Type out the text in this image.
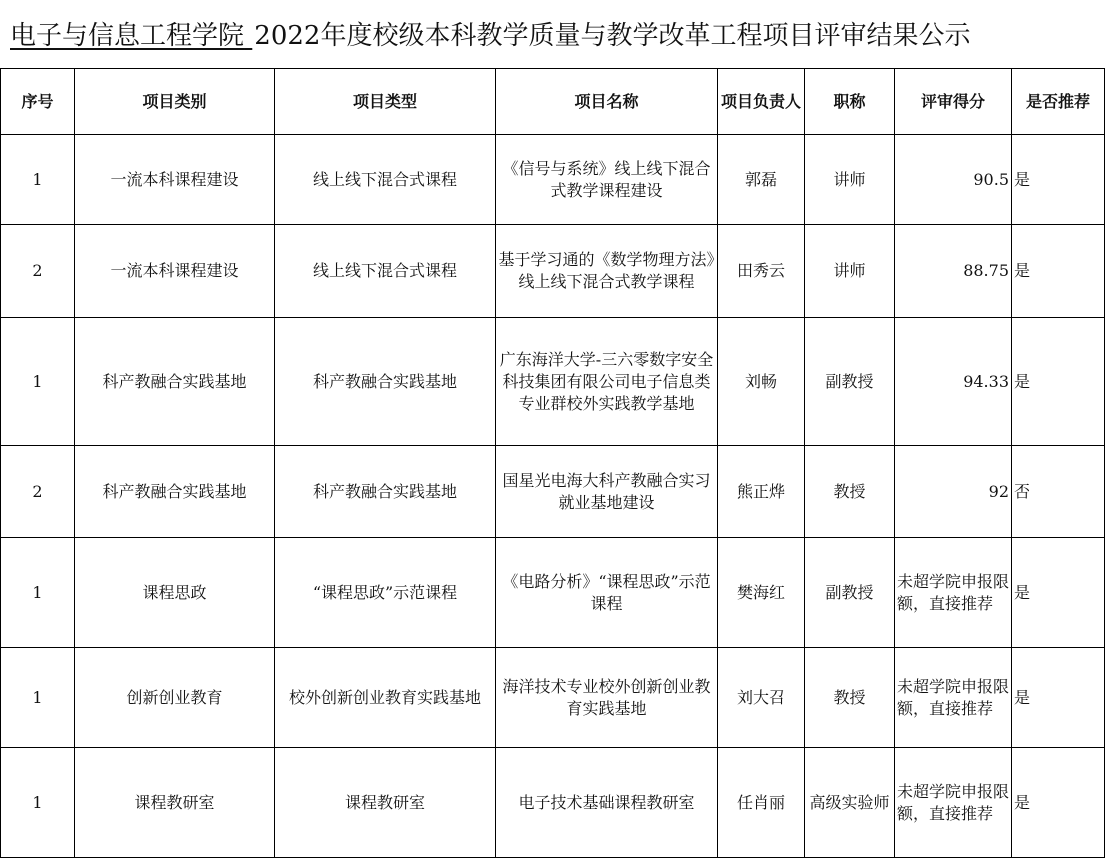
电子与信息工程学院 2022年度校级本科教学质量与教学改革工程项目评审结果公示
序号	项目类别	项目类型	项目名称	项目负责人	职称	评审得分	是否推荐
1	一流本科课程建设	线上线下混合式课程	《信号与系统》线上线下混合式教学课程建设	郭磊	讲师	90.5	是
2	一流本科课程建设	线上线下混合式课程	基于学习通的《数学物理方法》线上线下混合式教学课程	田秀云	讲师	88.75	是
1	科产教融合实践基地	科产教融合实践基地	广东海洋大学-三六零数字安全科技集团有限公司电子信息类专业群校外实践教学基地	刘畅	副教授	94.33	是
2	科产教融合实践基地	科产教融合实践基地	国星光电海大科产教融合实习就业基地建设	熊正烨	教授	92	否
1	课程思政	“课程思政”示范课程	《电路分析》“课程思政”示范课程	樊海红	副教授	未超学院申报限额，直接推荐	是
1	创新创业教育	校外创新创业教育实践基地	海洋技术专业校外创新创业教育实践基地	刘大召	教授	未超学院申报限额，直接推荐	是
1	课程教研室	课程教研室	电子技术基础课程教研室	任肖丽	高级实验师	未超学院申报限额，直接推荐	是
